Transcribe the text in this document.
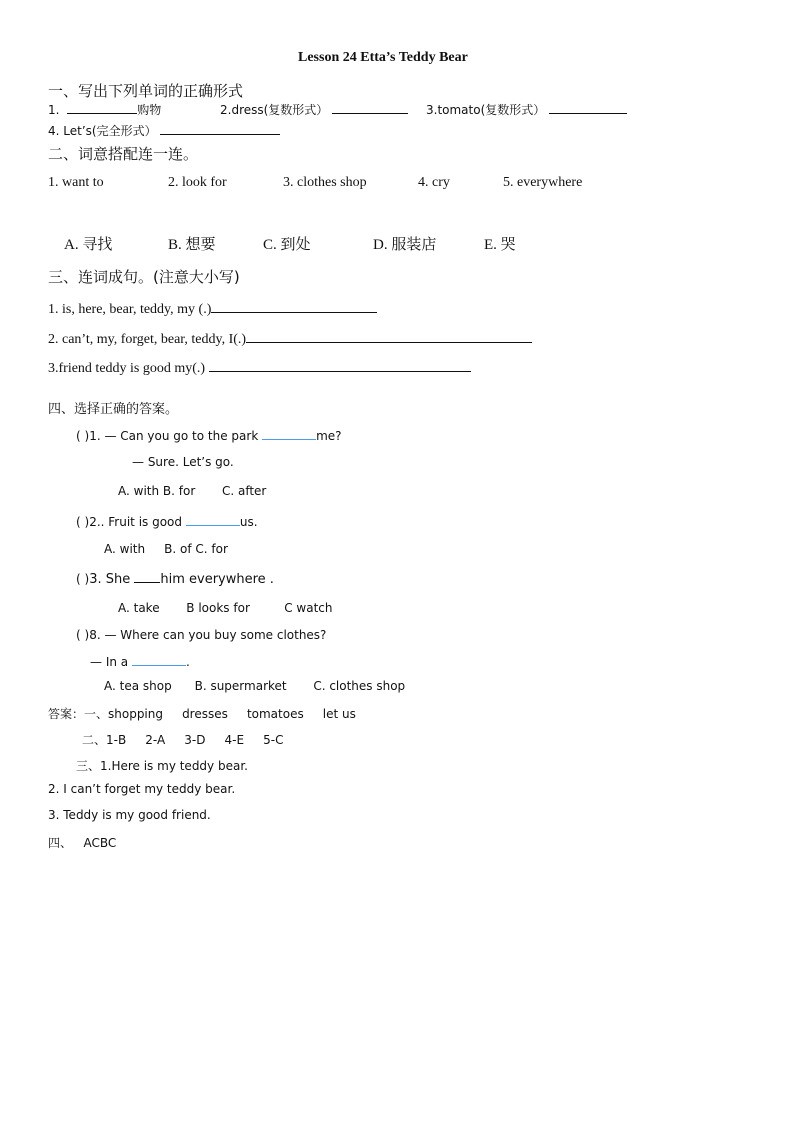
Lesson 24 Etta’s Teddy Bear
一、写出下列单词的正确形式
1.	购物	2.dress(复数形式）	3.tomato(复数形式）
4. Let’s(完全形式）
二、词意搭配连一连。
1. want to	2. look for	3. clothes shop	4. cry	5. everywhere
A. 寻找	B. 想要	C. 到处	D. 服装店	E. 哭
三、连词成句。(注意大小写)
1. is, here, bear, teddy, my (.)
2. can’t, my, forget, bear, teddy, I(.)
3.friend teddy is good my(.)
四、选择正确的答案。
( )1. — Can you go to the park	me?
— Sure. Let’s go.
A. with B. for       C. after
( )2.. Fruit is good	us.
A. with     B. of C. for
( )3. She him everywhere .
A. take       B looks for         C watch
( )8. — Where can you buy some clothes?
— In a	.
A. tea shop      B. supermarket       C. clothes shop
答案：一、shopping     dresses     tomatoes     let us
二、1-B     2-A     3-D     4-E     5-C
三、1.Here is my teddy bear.
2. I can’t forget my teddy bear.
3. Teddy is my good friend.
四、   ACBC
